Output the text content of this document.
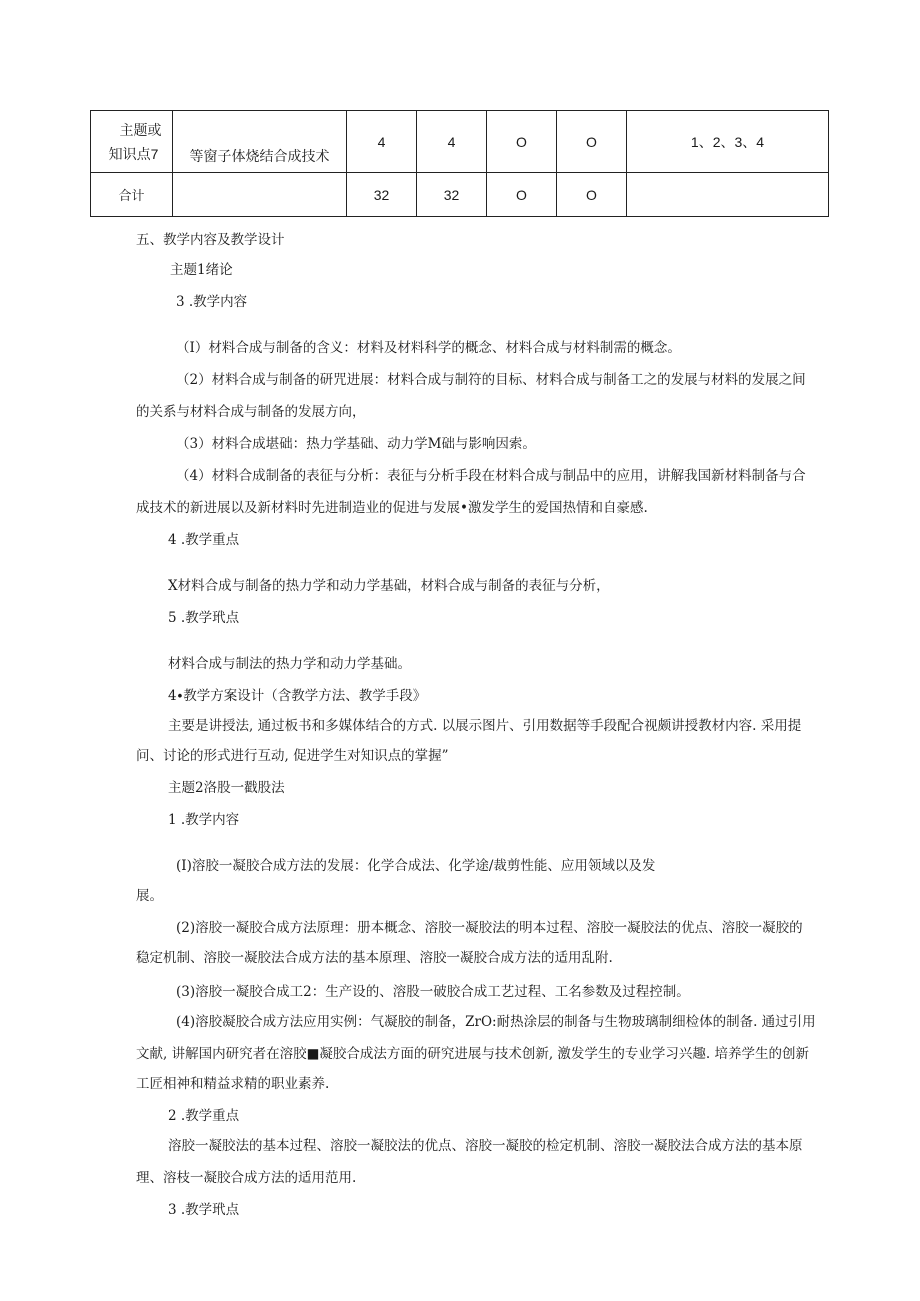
主题或
知识点7	等窗子体烧结合成技术	4	4	O	O	1、2、3、4
合计		32	32	O	O	
五、教学内容及教学设计
主题1绪论
3 .教学内容
（I）材料合成与制备的含义：材料及材料科学的概念、材料合成与材料制需的概念。
（2）材料合成与制备的研咒进展：材料合成与制符的目标、材料合成与制备工之的发展与材料的发展之间
的关系与材料合成与制备的发展方向，
（3）材料合成堪础：热力学基础、动力学M础与影响因索。
（4）材料合成制备的表征与分析：表征与分析手段在材料合成与制品中的应用，讲解我国新材料制备与合
成技术的新进展以及新材料时先进制造业的促进与发展•激发学生的爱国热情和自豪感.
4 .教学重点
X材料合成与制备的热力学和动力学基础，材料合成与制备的表征与分析，
5 .教学玳点
材料合成与制法的热力学和动力学基础。
4∙教学方案设计（含教学方法、教学手段》
主要是讲授法, 通过板书和多媒体结合的方式. 以展示图片、引用数据等手段配合视颇讲授教材内容. 采用提
问、讨论的形式进行互动, 促进学生对知识点的掌握”
主题2洛股一戳股法
1 .教学内容
(I)溶胶一凝胶合成方法的发展：化学合成法、化学途/裁剪性能、应用领域以及发
展。
(2)溶胶一凝胶合成方法原理：册本概念、溶胶一凝胶法的明本过程、溶胶一凝胶法的优点、溶胶一凝胶的
稳定机制、溶胶一凝胶法合成方法的基本原理、溶胶一凝胶合成方法的适用乱附.
(3)溶胶一凝胶合成工2：生产设的、溶股一破胶合成工艺过程、工名参数及过程控制。
(4)溶胶凝胶合成方法应用实例：气凝胶的制备，ZrO:耐热涂层的制备与生物玻璃制细检体的制备. 通过引用
文献, 讲解国内研究者在溶胶■凝胶合成法方面的研究进展与技术创新, 激发学生的专业学习兴趣. 培养学生的创新
工匠相神和精益求精的职业素养.
2 .教学重点
溶胶一凝胶法的基本过程、溶胶一凝胶法的优点、溶胶一凝胶的检定机制、溶胶一凝胶法合成方法的基本原
理、溶枝一凝胶合成方法的适用范用.
3 .教学玳点
